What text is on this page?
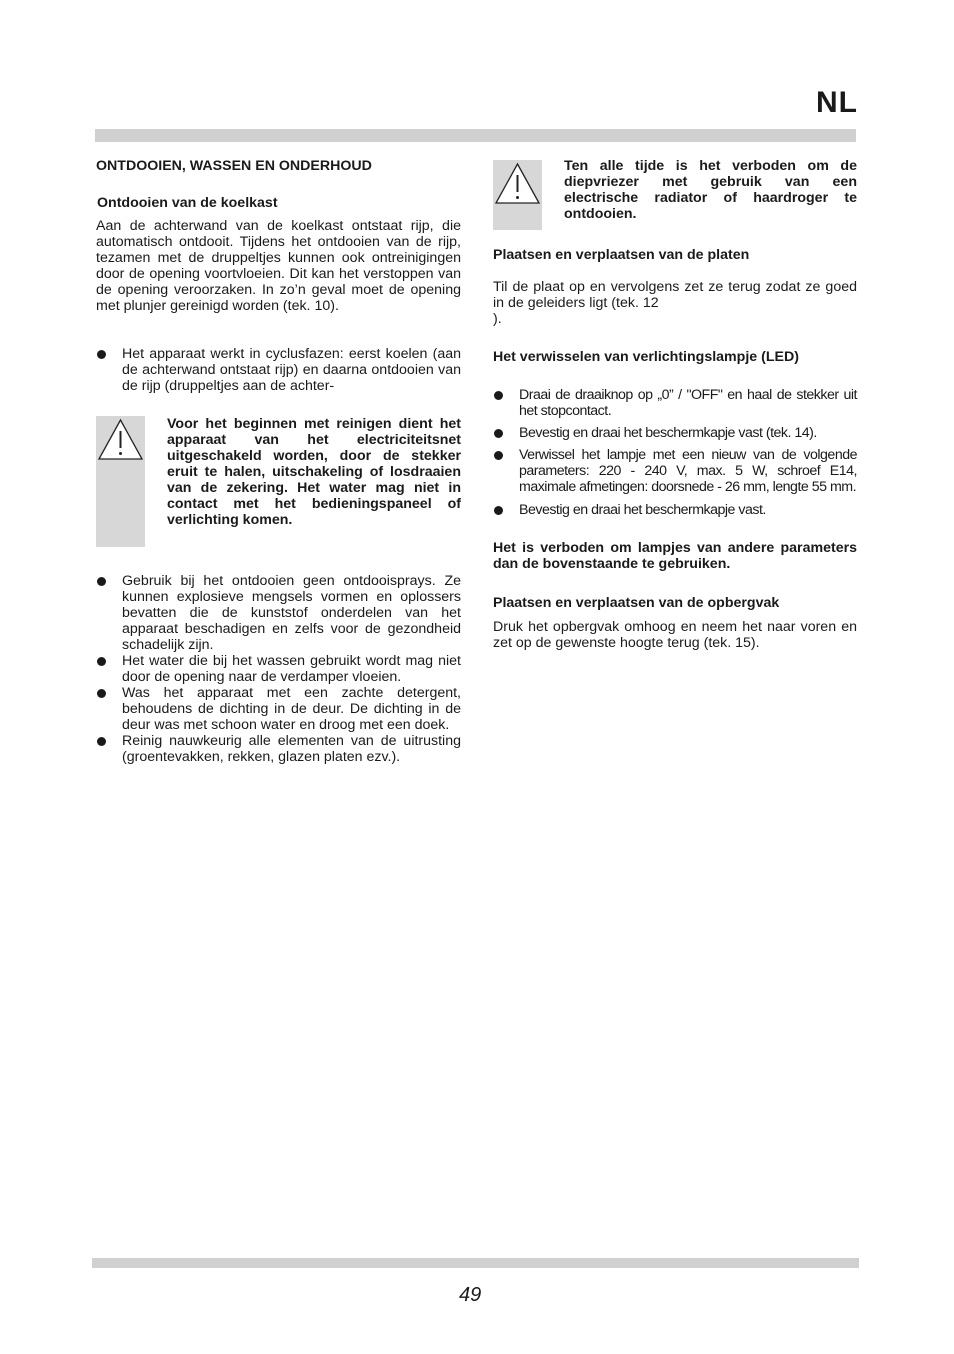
NL
ONTDOOIEN, WASSEN EN ONDERHOUD
Ontdooien van de koelkast

Aan de achterwand van de koelkast ontstaat rijp, die automatisch ontdooit. Tijdens het ontdooien van de rijp, tezamen met de druppeltjes kunnen ook ontreinigingen door de opening voortvloeien. Dit kan het verstoppen van de opening veroorzaken. In zo’n geval moet de opening met plunjer gereinigd worden (tek. 10).

Het apparaat werkt in cyclusfazen: eerst koelen (aan de achterwand ontstaat rijp) en daarna ontdooien van de rijp (druppeltjes aan de achter-
Voor het beginnen met reinigen dient het apparaat van het electriciteitsnet uitgeschakeld worden, door de stekker eruit te halen, uitschakeling of losdraaien van de zekering. Het water mag niet in contact met het bedieningspaneel of verlichting komen.
Gebruik bij het ontdooien geen ontdooisprays. Ze kunnen explosieve mengsels vormen en oplossers bevatten die de kunststof onderdelen van het apparaat beschadigen en zelfs voor de gezondheid schadelijk zijn.
Het water die bij het wassen gebruikt wordt mag niet door de opening naar de verdamper vloeien.
Was het apparaat met een zachte detergent, behoudens de dichting in de deur. De dichting in de deur was met schoon water en droog met een doek.
Reinig nauwkeurig alle elementen van de uitrusting (groentevakken, rekken, glazen platen ezv.).
Ten alle tijde is het verboden om de diepvriezer met gebruik van een electrische radiator of haardroger te ontdooien.
Plaatsen en verplaatsen van de platen

Til de plaat op en vervolgens zet ze terug zodat ze goed in de geleiders ligt (tek. 12
).

Het verwisselen van verlichtingslampje (LED)
Draai de draaiknop op „0” / "OFF" en haal de stekker uit het stopcontact.
Bevestig en draai het beschermkapje vast (tek. 14).
Verwissel het lampje met een nieuw van de volgende parameters: 220 - 240 V, max. 5 W, schroef E14, maximale afmetingen: doorsnede - 26 mm, lengte 55 mm.
Bevestig en draai het beschermkapje vast.

Het is verboden om lampjes van andere parameters dan de bovenstaande te gebruiken.

Plaatsen en verplaatsen van de opbergvak

Druk het opbergvak omhoog en neem het naar voren en zet op de gewenste hoogte terug (tek. 15).

49
